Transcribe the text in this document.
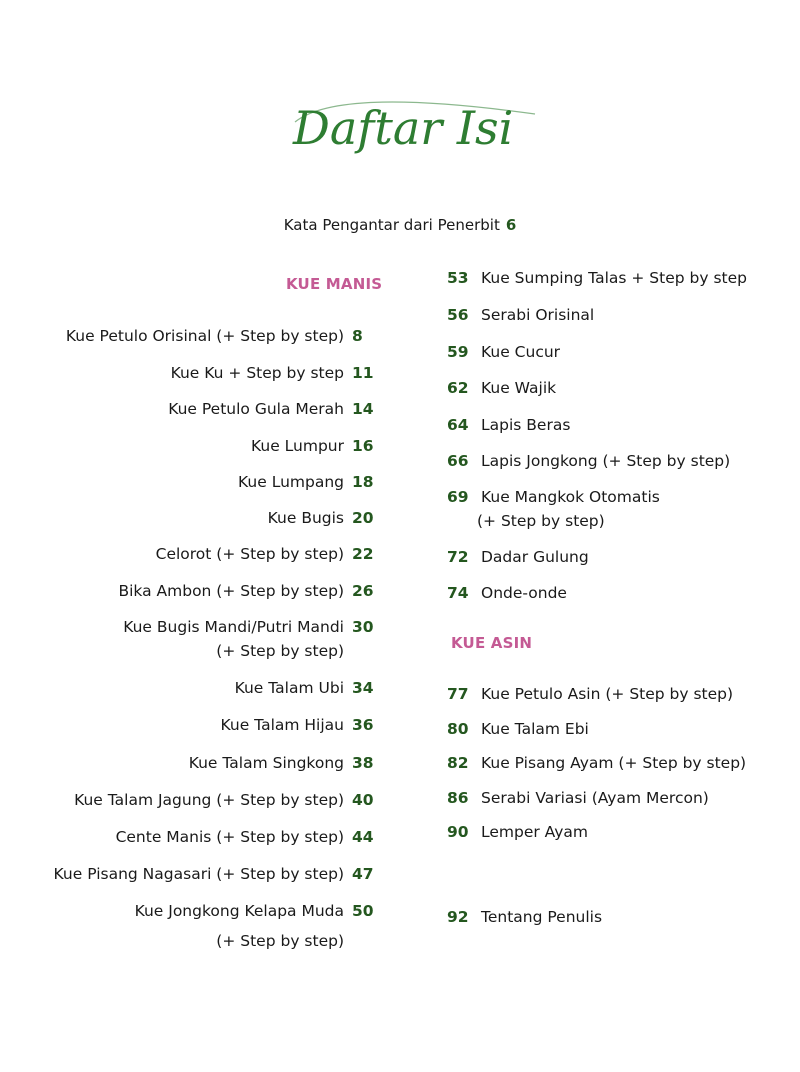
Daftar Isi
Kata Pengantar dari Penerbit 6
KUE MANIS
Kue Petulo Orisinal (+ Step by step) 8
Kue Ku + Step by step 11
Kue Petulo Gula Merah 14
Kue Lumpur 16
Kue Lumpang 18
Kue Bugis 20
Celorot (+ Step by step) 22
Bika Ambon (+ Step by step) 26
Kue Bugis Mandi/Putri Mandi
(+ Step by step)
30
Kue Talam Ubi 34
Kue Talam Hijau 36
Kue Talam Singkong 38
Kue Talam Jagung (+ Step by step) 40
Cente Manis (+ Step by step) 44
Kue Pisang Nagasari (+ Step by step) 47
Kue Jongkong Kelapa Muda
(+ Step by step)
50
53 Kue Sumping Talas + Step by step
56 Serabi Orisinal
59 Kue Cucur
62 Kue Wajik
64 Lapis Beras
66 Lapis Jongkong (+ Step by step)
69 Kue Mangkok Otomatis
(+ Step by step)
72 Dadar Gulung
74 Onde-onde
KUE ASIN
77 Kue Petulo Asin (+ Step by step)
80 Kue Talam Ebi
82 Kue Pisang Ayam (+ Step by step)
86 Serabi Variasi (Ayam Mercon)
90 Lemper Ayam
92 Tentang Penulis
